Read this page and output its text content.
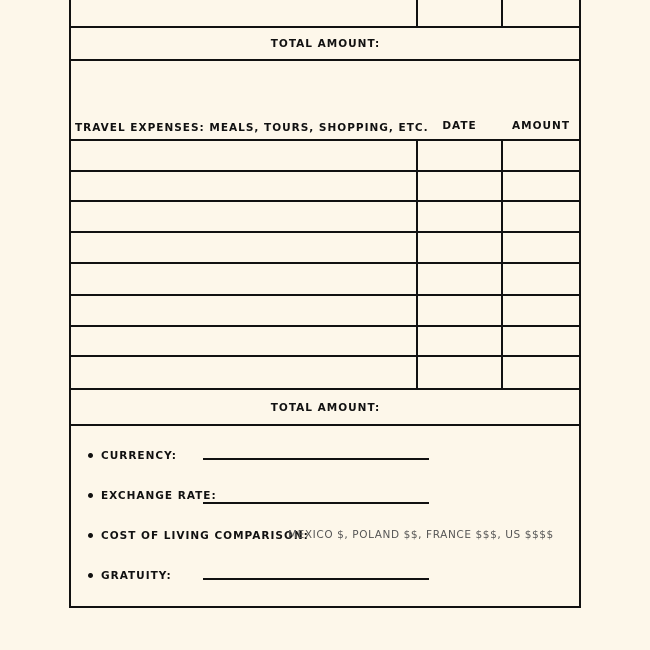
TOTAL AMOUNT:
TRAVEL EXPENSES: MEALS, TOURS, SHOPPING, ETC.	DATE	AMOUNT
TOTAL AMOUNT:
CURRENCY:
EXCHANGE RATE:
COST OF LIVING COMPARISON:
MEXICO $, POLAND $$, FRANCE $$$, US $$$$
GRATUITY:
